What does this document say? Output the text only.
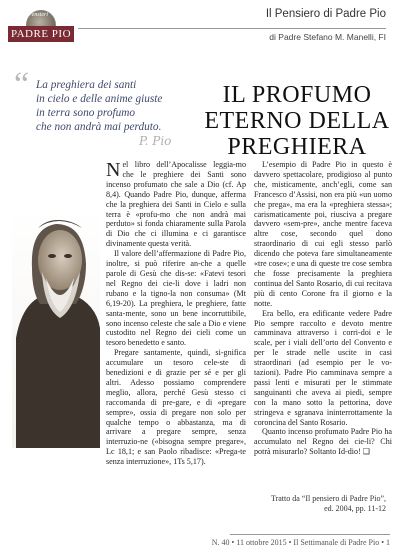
Pensieri
PADRE PIO
Il Pensiero di Padre Pio
di Padre Stefano M. Manelli, FI
“ La preghiera dei santi
in cielo e delle anime giuste
in terra sono profumo
che non andrà mai perduto.
P. Pio
IL PROFUMO
ETERNO DELLA
PREGHIERA

Nel libro dell’Apocalisse leggia-mo che le preghiere dei Santi sono incenso profumato che sale a Dio (cf. Ap 8,4). Quando Padre Pio, dunque, afferma che la preghiera dei Santi in Cielo e sulla terra è «profu-mo che non andrà mai perduto» si fonda chiaramente sulla Parola di Dio che ci illumina e ci garantisce divinamente questa verità.

Il valore dell’affermazione di Padre Pio, inoltre, si può riferire an-che a quelle parole di Gesù che dis-se: «Fatevi tesori nel Regno dei cie-li dove i ladri non rubano e la tigno-la non consuma» (Mt 6,19-20). La preghiera, le preghiere, fatte santa-mente, sono un bene incorruttibile, sono incenso celeste che sale a Dio e viene custodito nel Regno dei cieli come un tesoro benedetto e santo.

Pregare santamente, quindi, si-gnifica accumulare un tesoro cele-ste di benedizioni e di grazie per sé e per gli altri. Adesso possiamo comprendere meglio, allora, perché Gesù stesso ci raccomanda di pre-gare, e di «pregare sempre», ossia di pregare non solo per qualche tempo o abbastanza, ma di arrivare a pregare sempre, senza interruzio-ne («bisogna sempre pregare», Lc 18,1; e san Paolo ribadisce: «Prega-te senza interruzione», 1Ts 5,17).

L’esempio di Padre Pio in questo è davvero spettacolare, prodigioso al punto che, misticamente, anch’egli, come san Francesco d’Assisi, non era più «un uomo che prega», ma era la «preghiera stessa»; carismaticamente poi, riusciva a pregare davvero «sem-pre», anche mentre faceva altre cose, secondo quel dono straordinario di cui egli stesso parlò dicendo che poteva fare simultaneamente «tre cose»; e una di queste tre cose sembra che fosse precisamente la preghiera continua del Santo Rosario, di cui recitava più di cento Corone fra il giorno e la notte.

Era bello, era edificante vedere Padre Pio sempre raccolto e devoto mentre camminava attraverso i corri-doi e le scale, per i viali dell’orto del Convento e per le strade nelle uscite in casi straordinari (ad esempio per le vo-tazioni). Padre Pio camminava sempre a passi lenti e misurati per le stimmate sanguinanti che aveva ai piedi, sempre con la mano sotto la pettorina, dove stringeva e sgranava ininterrottamente la coroncina del Santo Rosario.

Quanto incenso profumato Padre Pio ha accumulato nel Regno dei cie-li? Chi potrà misurarlo? Soltanto Id-dio! ❏

Tratto da “Il pensiero di Padre Pio”,
ed. 2004, pp. 11-12
N. 40 • 11 ottobre 2015 • Il Settimanale di Padre Pio • 1
